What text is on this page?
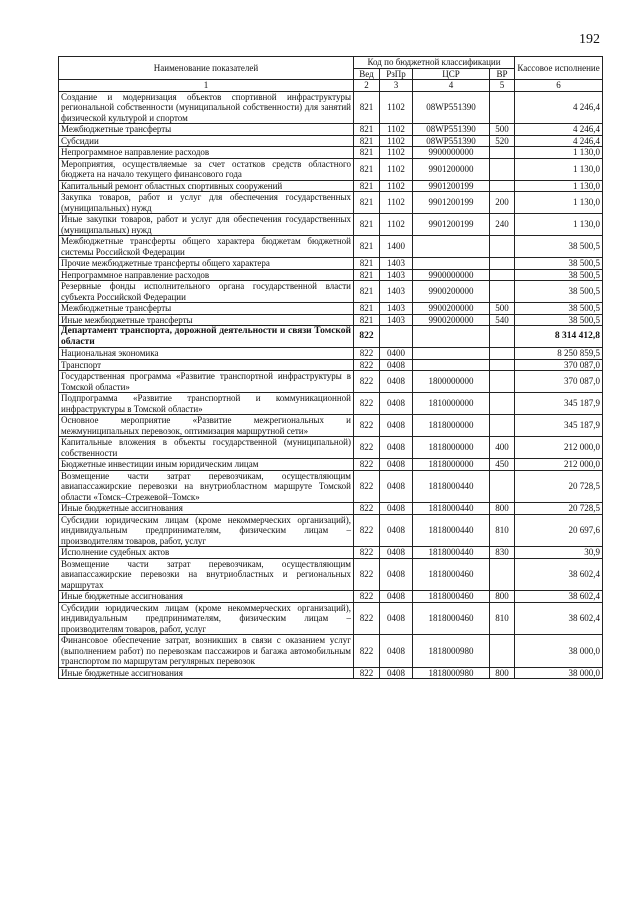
192
Наименование показателей	Код по бюджетной классификации				Кассовое исполнение
	Вед	РзПр	ЦСР	ВР	
1	2	3	4	5	6
Создание и модернизация объектов спортивной инфраструктуры региональной собственности (муниципальной собственности) для занятий физической культурой и спортом	821	1102	08WP551390		4 246,4
Межбюджетные трансферты	821	1102	08WP551390	500	4 246,4
Субсидии	821	1102	08WP551390	520	4 246,4
Непрограммное направление расходов	821	1102	9900000000		1 130,0
Мероприятия, осуществляемые за счет остатков средств областного бюджета на начало текущего финансового года	821	1102	9901200000		1 130,0
Капитальный ремонт областных спортивных сооружений	821	1102	9901200199		1 130,0
Закупка товаров, работ и услуг для обеспечения государственных (муниципальных) нужд	821	1102	9901200199	200	1 130,0
Иные закупки товаров, работ и услуг для обеспечения государственных (муниципальных) нужд	821	1102	9901200199	240	1 130,0
Межбюджетные трансферты общего характера бюджетам бюджетной системы Российской Федерации	821	1400			38 500,5
Прочие межбюджетные трансферты общего характера	821	1403			38 500,5
Непрограммное направление расходов	821	1403	9900000000		38 500,5
Резервные фонды исполнительного органа государственной власти субъекта Российской Федерации	821	1403	9900200000		38 500,5
Межбюджетные трансферты	821	1403	9900200000	500	38 500,5
Иные межбюджетные трансферты	821	1403	9900200000	540	38 500,5
Департамент транспорта, дорожной деятельности и связи Томской области	822				8 314 412,8
Национальная экономика	822	0400			8 250 859,5
Транспорт	822	0408			370 087,0
Государственная программа «Развитие транспортной инфраструктуры в Томской области»	822	0408	1800000000		370 087,0
Подпрограмма «Развитие транспортной и коммуникационной инфраструктуры в Томской области»	822	0408	1810000000		345 187,9
Основное мероприятие «Развитие межрегиональных и межмуниципальных перевозок, оптимизация маршрутной сети»	822	0408	1818000000		345 187,9
Капитальные вложения в объекты государственной (муниципальной) собственности	822	0408	1818000000	400	212 000,0
Бюджетные инвестиции иным юридическим лицам	822	0408	1818000000	450	212 000,0
Возмещение части затрат перевозчикам, осуществляющим авиапассажирские перевозки на внутриобластном маршруте Томской области «Томск–Стрежевой–Томск»	822	0408	1818000440		20 728,5
Иные бюджетные ассигнования	822	0408	1818000440	800	20 728,5
Субсидии юридическим лицам (кроме некоммерческих организаций), индивидуальным предпринимателям, физическим лицам – производителям товаров, работ, услуг	822	0408	1818000440	810	20 697,6
Исполнение судебных актов	822	0408	1818000440	830	30,9
Возмещение части затрат перевозчикам, осуществляющим авиапассажирские перевозки на внутриобластных и региональных маршрутах	822	0408	1818000460		38 602,4
Иные бюджетные ассигнования	822	0408	1818000460	800	38 602,4
Субсидии юридическим лицам (кроме некоммерческих организаций), индивидуальным предпринимателям, физическим лицам – производителям товаров, работ, услуг	822	0408	1818000460	810	38 602,4
Финансовое обеспечение затрат, возникших в связи с оказанием услуг (выполнением работ) по перевозкам пассажиров и багажа автомобильным транспортом по маршрутам регулярных перевозок	822	0408	1818000980		38 000,0
Иные бюджетные ассигнования	822	0408	1818000980	800	38 000,0
